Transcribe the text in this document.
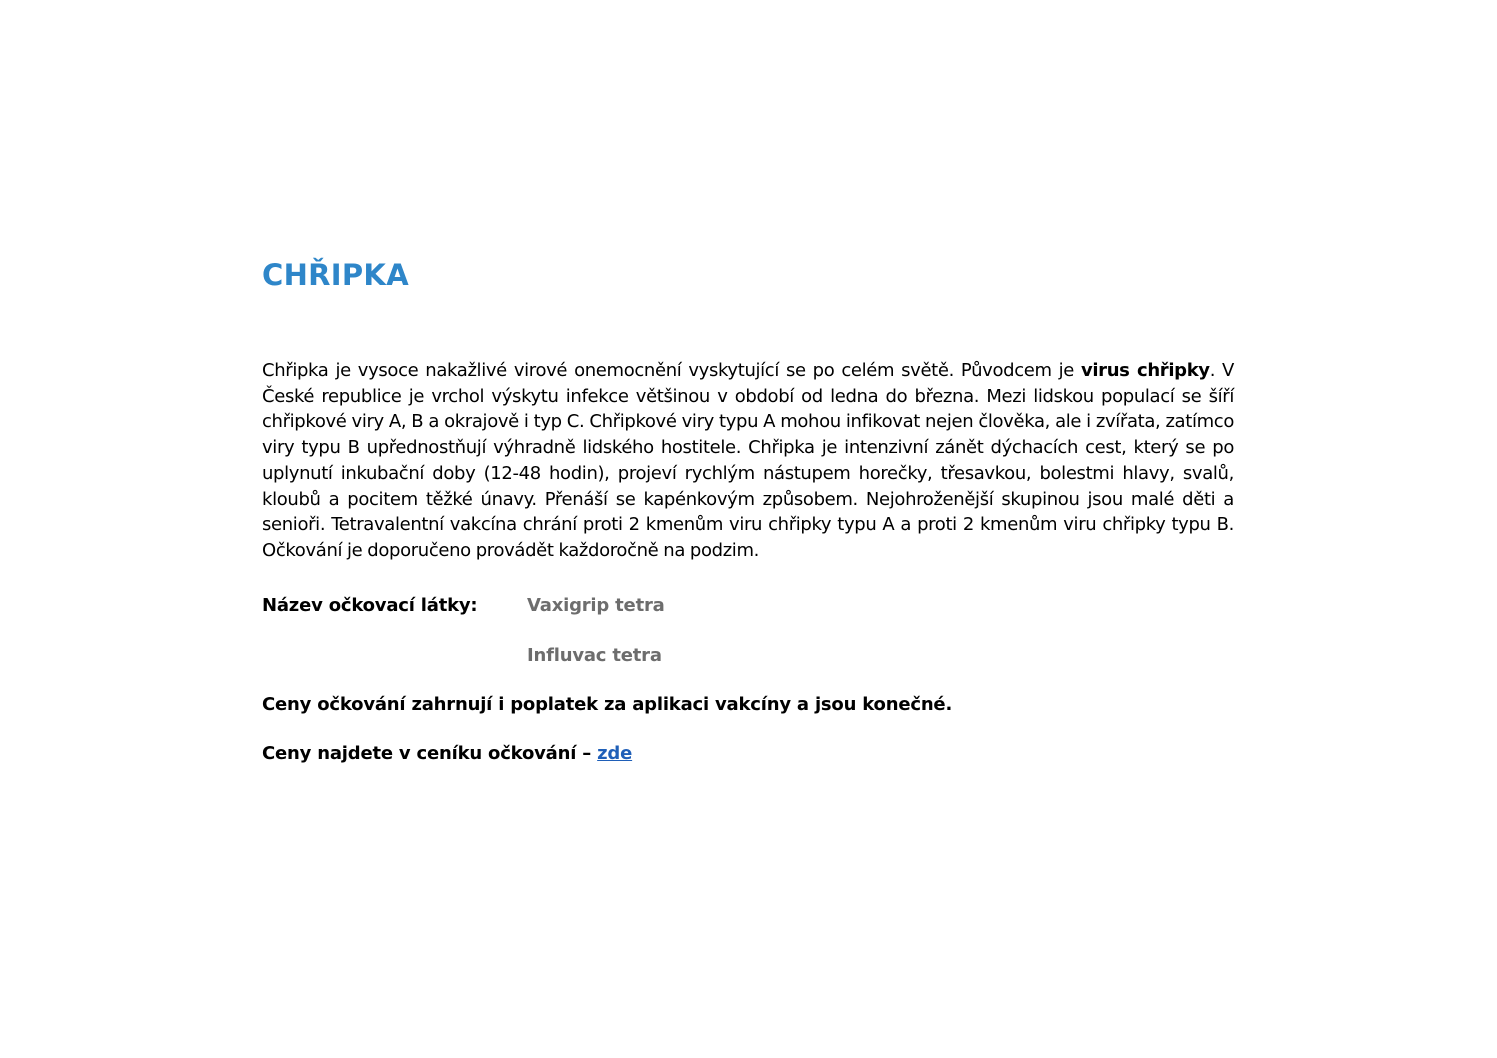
CHŘIPKA

Chřipka je vysoce nakažlivé virové onemocnění vyskytující se po celém světě. Původcem je virus chřipky. V České republice je vrchol výskytu infekce většinou v období od ledna do března. Mezi lidskou populací se šíří chřipkové viry A, B a okrajově i typ C. Chřipkové viry typu A mohou infikovat nejen člověka, ale i zvířata, zatímco viry typu B upřednostňují výhradně lidského hostitele. Chřipka je intenzivní zánět dýchacích cest, který se po uplynutí inkubační doby (12-48 hodin), projeví rychlým nástupem horečky, třesavkou, bolestmi hlavy, svalů, kloubů a pocitem těžké únavy. Přenáší se kapénkovým způsobem. Nejohroženější skupinou jsou malé děti a senioři. Tetravalentní vakcína chrání proti 2 kmenům viru chřipky typu A a proti 2 kmenům viru chřipky typu B. Očkování je doporučeno provádět každoročně na podzim.

Název očkovací látky:	Vaxigrip tetra
Influvac tetra
Ceny očkování zahrnují i poplatek za aplikaci vakcíny a jsou konečné.
Ceny najdete v ceníku očkování – zde
